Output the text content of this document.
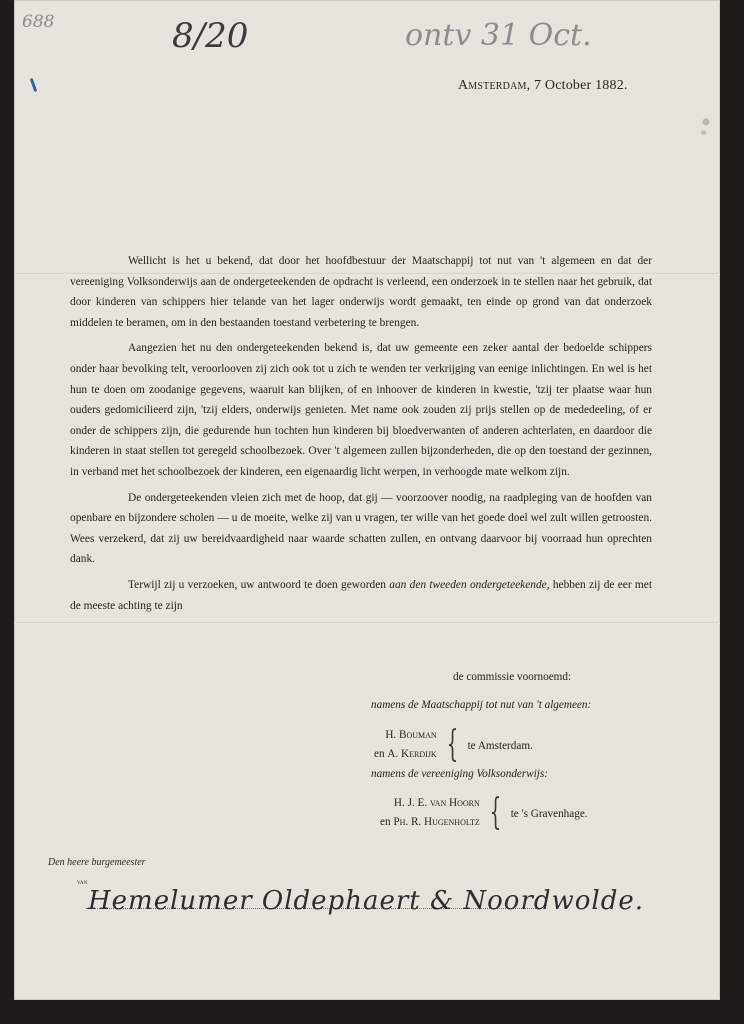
688	8/20	ontv 31 Oct.
Amsterdam, 7 October 1882.

Wellicht is het u bekend, dat door het hoofdbestuur der Maatschappij tot nut van 't algemeen en dat der vereeniging Volksonderwijs aan de ondergeteekenden de opdracht is verleend, een onderzoek in te stellen naar het gebruik, dat door kinderen van schippers hier telande van het lager onderwijs wordt gemaakt, ten einde op grond van dat onderzoek middelen te beramen, om in den bestaanden toestand verbetering te brengen.

Aangezien het nu den ondergeteekenden bekend is, dat uw gemeente een zeker aantal der bedoelde schippers onder haar bevolking telt, veroorlooven zij zich ook tot u zich te wenden ter verkrijging van eenige inlichtingen. En wel is het hun te doen om zoodanige gegevens, waaruit kan blijken, of en inhoover de kinderen in kwestie, 'tzij ter plaatse waar hun ouders gedomicilieerd zijn, 'tzij elders, onderwijs genieten. Met name ook zouden zij prijs stellen op de mededeeling, of er onder de schippers zijn, die gedurende hun tochten hun kinderen bij bloedverwanten of anderen achterlaten, en daardoor die kinderen in staat stellen tot geregeld schoolbezoek. Over 't algemeen zullen bijzonderheden, die op den toestand der gezinnen, in verband met het schoolbezoek der kinderen, een eigenaardig licht werpen, in verhoogde mate welkom zijn.

De ondergeteekenden vleien zich met de hoop, dat gij — voorzoover noodig, na raadpleging van de hoofden van openbare en bijzondere scholen — u de moeite, welke zij van u vragen, ter wille van het goede doel wel zult willen getroosten. Wees verzekerd, dat zij uw bereidvaardigheid naar waarde schatten zullen, en ontvang daarvoor bij voorraad hun oprechten dank.

Terwijl zij u verzoeken, uw antwoord te doen geworden aan den tweeden ondergeteekende, hebben zij de eer met de meeste achting te zijn

de commissie voornoemd:
namens de Maatschappij tot nut van 't algemeen:
H. Bouman
en A. Kerdijk { te Amsterdam.
namens de vereeniging Volksonderwijs:
H. J. E. van Hoorn
en Ph. R. Hugenholtz { te 's Gravenhage.
Den heere burgemeester
van
Hemelumer Oldephaert & Noordwolde.
